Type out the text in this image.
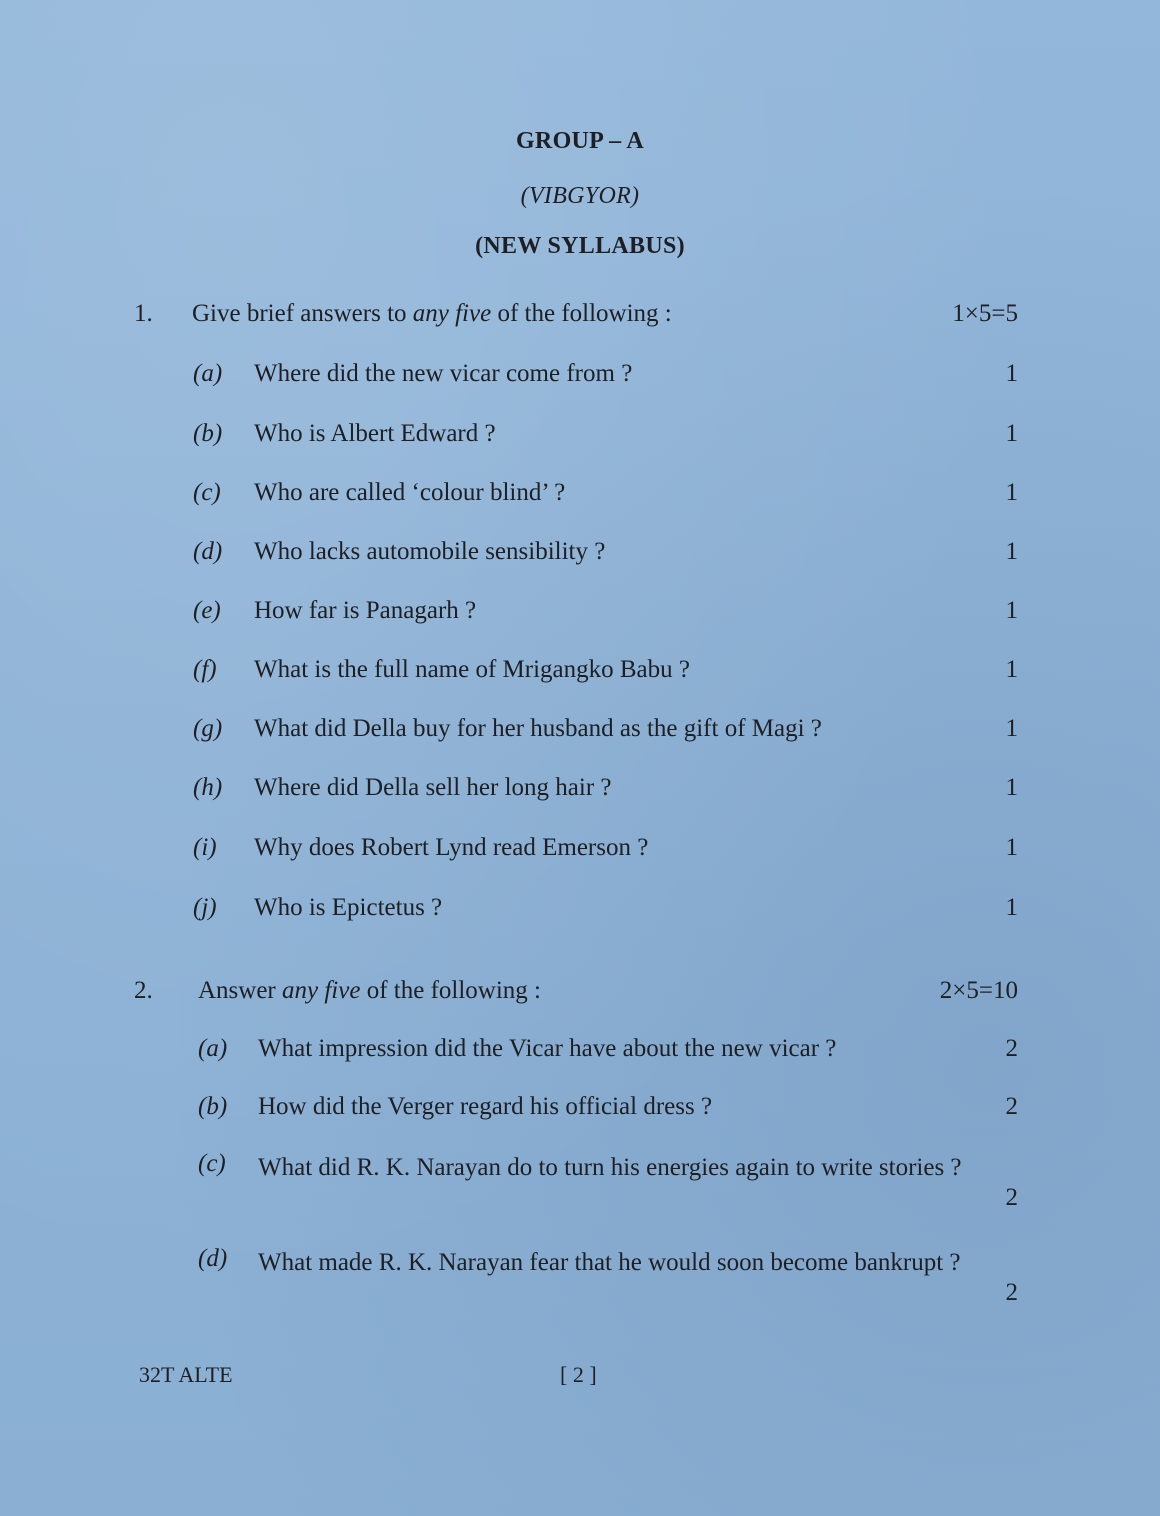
GROUP – A
(VIBGYOR)
(NEW SYLLABUS)
1. Give brief answers to any five of the following :	1×5=5
(a) Where did the new vicar come from ?	1
(b) Who is Albert Edward ?	1
(c) Who are called ‘colour blind’ ?	1
(d) Who lacks automobile sensibility ?	1
(e) How far is Panagarh ?	1
(f) What is the full name of Mrigangko Babu ?	1
(g) What did Della buy for her husband as the gift of Magi ?	1
(h) Where did Della sell her long hair ?	1
(i) Why does Robert Lynd read Emerson ?	1
(j) Who is Epictetus ?	1
2. Answer any five of the following :	2×5=10
(a) What impression did the Vicar have about the new vicar ?	2
(b) How did the Verger regard his official dress ?	2
(c) What did R. K. Narayan do to turn his energies again to write stories ?
2
(d) What made R. K. Narayan fear that he would soon become bankrupt ?
2
32T ALTE	[ 2 ]
